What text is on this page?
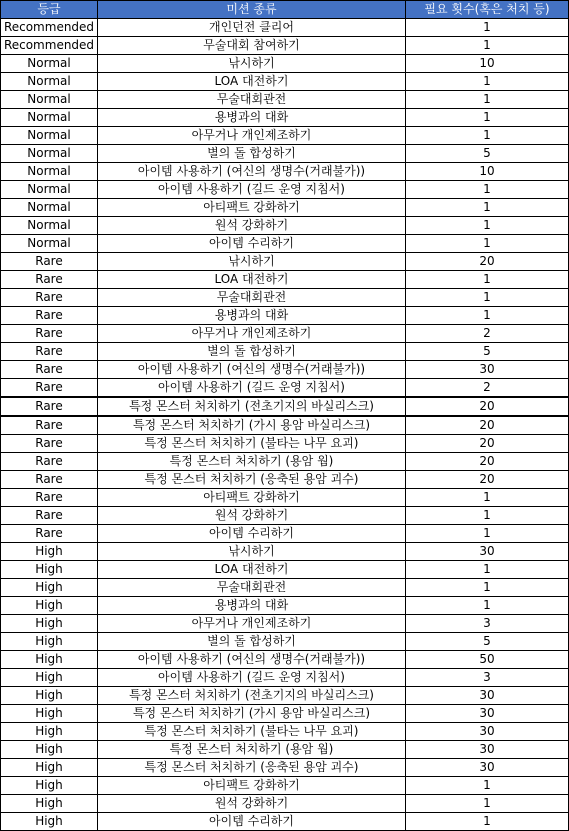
등급	미션 종류	필요 횟수(혹은 처치 등)
Recommended	개인던전 클리어	1
Recommended	무술대회 참여하기	1
Normal	낚시하기	10
Normal	LOA 대전하기	1
Normal	무술대회관전	1
Normal	용병과의 대화	1
Normal	아무거나 개인제조하기	1
Normal	별의 돌 합성하기	5
Normal	아이템 사용하기 (여신의 생명수(거래불가))	10
Normal	아이템 사용하기 (길드 운영 지침서)	1
Normal	아티팩트 강화하기	1
Normal	원석 강화하기	1
Normal	아이템 수리하기	1
Rare	낚시하기	20
Rare	LOA 대전하기	1
Rare	무술대회관전	1
Rare	용병과의 대화	1
Rare	아무거나 개인제조하기	2
Rare	별의 돌 합성하기	5
Rare	아이템 사용하기 (여신의 생명수(거래불가))	30
Rare	아이템 사용하기 (길드 운영 지침서)	2
Rare	특정 몬스터 처치하기 (전초기지의 바실리스크)	20
Rare	특정 몬스터 처치하기 (가시 용암 바실리스크)	20
Rare	특정 몬스터 처치하기 (불타는 나무 요괴)	20
Rare	특정 몬스터 처치하기 (용암 웜)	20
Rare	특정 몬스터 처치하기 (응축된 용암 괴수)	20
Rare	아티팩트 강화하기	1
Rare	원석 강화하기	1
Rare	아이템 수리하기	1
High	낚시하기	30
High	LOA 대전하기	1
High	무술대회관전	1
High	용병과의 대화	1
High	아무거나 개인제조하기	3
High	별의 돌 합성하기	5
High	아이템 사용하기 (여신의 생명수(거래불가))	50
High	아이템 사용하기 (길드 운영 지침서)	3
High	특정 몬스터 처치하기 (전초기지의 바실리스크)	30
High	특정 몬스터 처치하기 (가시 용암 바실리스크)	30
High	특정 몬스터 처치하기 (불타는 나무 요괴)	30
High	특정 몬스터 처치하기 (용암 웜)	30
High	특정 몬스터 처치하기 (응축된 용암 괴수)	30
High	아티팩트 강화하기	1
High	원석 강화하기	1
High	아이템 수리하기	1
